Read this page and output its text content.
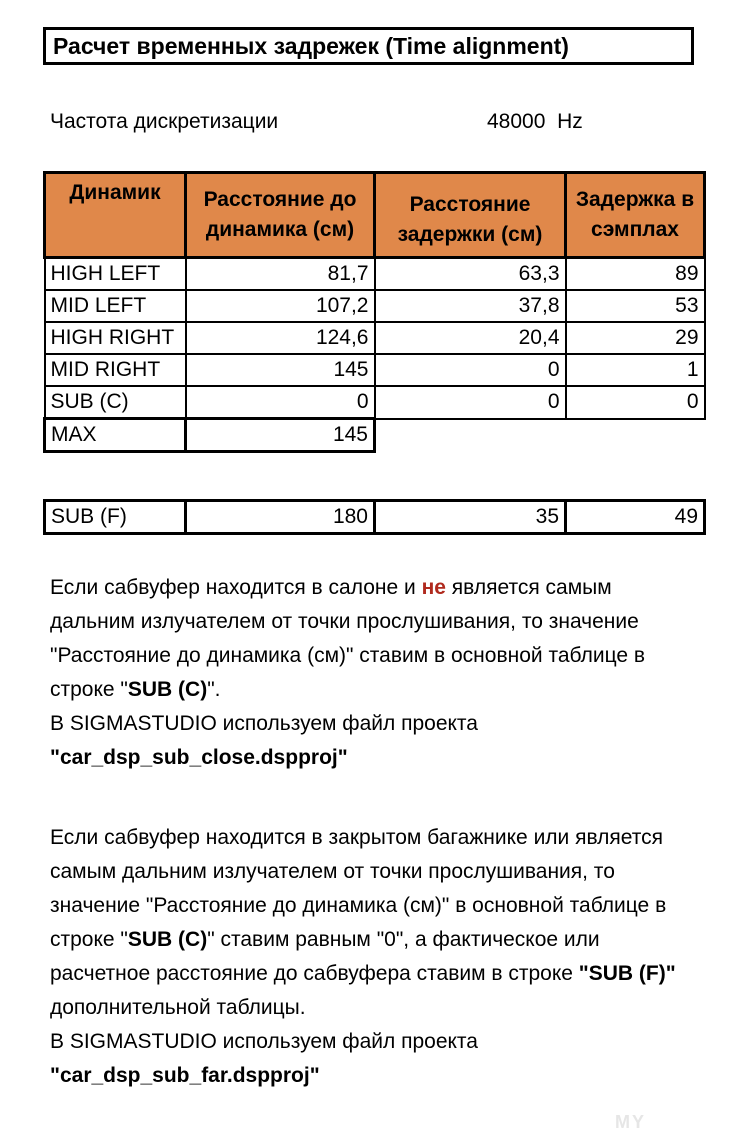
Расчет временных задрежек (Time alignment)
Частота дискретизации	48000  Hz
Динамик	Расстояние до динамика (см)	Расстояние задержки (см)	Задержка в сэмплах
HIGH LEFT	81,7	63,3	89
MID LEFT	107,2	37,8	53
HIGH RIGHT	124,6	20,4	29
MID RIGHT	145	0	1
SUB (C)	0	0	0
MAX	145		
SUB (F)	180	35	49
Если сабвуфер находится в салоне и не является самым дальним излучателем от точки прослушивания, то значение "Расстояние до динамика (см)" ставим в основной таблице в строке "SUB (C)".
В SIGMASTUDIO используем файл проекта
"car_dsp_sub_close.dspproj"
Если сабвуфер находится в закрытом багажнике или является самым дальним излучателем от точки прослушивания, то значение "Расстояние до динамика (см)" в основной таблице в строке "SUB (C)" ставим равным "0", а фактическое или расчетное расстояние до сабвуфера ставим в строке "SUB (F)" дополнительной таблицы.
В SIGMASTUDIO используем файл проекта
"car_dsp_sub_far.dspproj"
MY
